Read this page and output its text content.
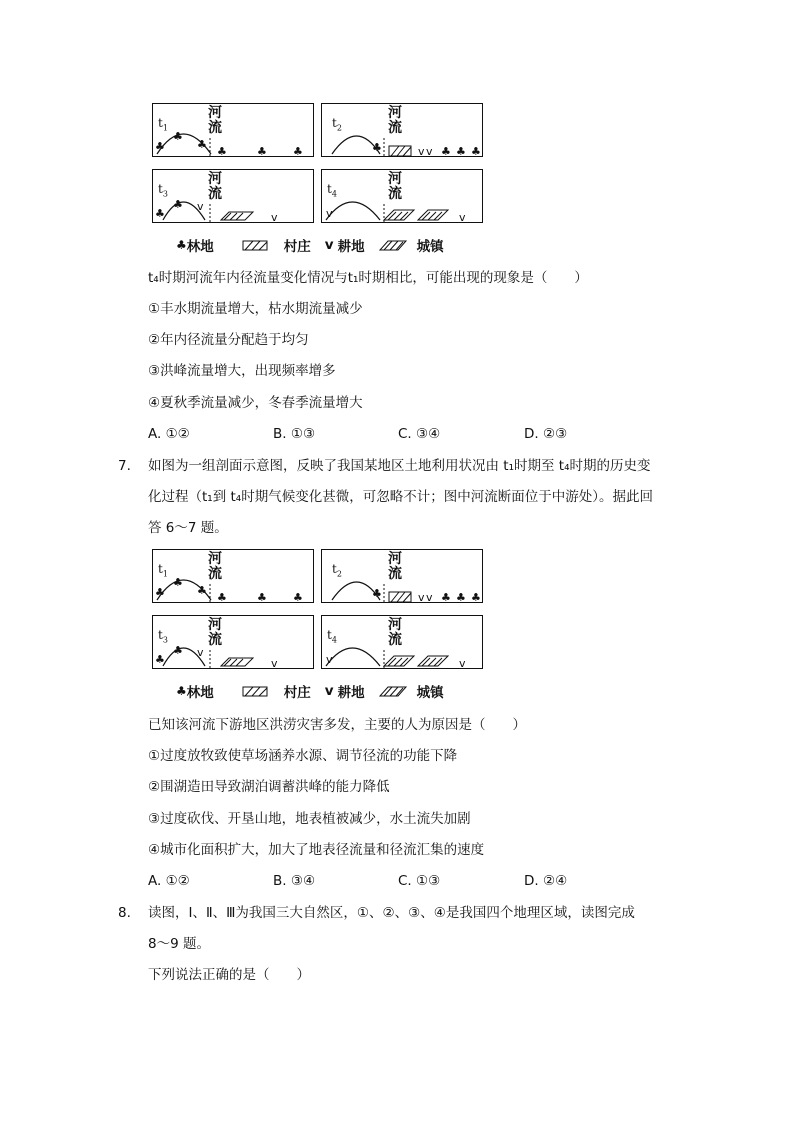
$t_1$
河
流
♣
♣
♣
♣	♣ ♣
$t_2$
河
流
♣	♣ ♣ ♣
v v
$t_3$
河
流
♣
♣ v
v
$t_4$
河
流
v	v
♣ 林地	村庄 v 耕地	城镇
t₄时期河流年内径流量变化情况与t₁时期相比，可能出现的现象是（　　）
①丰水期流量增大，枯水期流量减少
②年内径流量分配趋于均匀
③洪峰流量增大，出现频率增多
④夏秋季流量减少，冬春季流量增大
A. ①②	B. ①③	C. ③④	D. ②③
7. 如图为一组剖面示意图，反映了我国某地区土地利用状况由 t₁时期至 t₄时期的历史变
化过程（t₁到 t₄时期气候变化甚微，可忽略不计；图中河流断面位于中游处）。据此回
答 6～7 题。
$t_1$
河
流
♣
♣
♣
♣	♣ ♣
$t_2$
河
流
♣	♣ ♣ ♣
v v
$t_3$
河
流
♣
♣ v
v
$t_4$
河
流
v	v
♣ 林地	村庄 v 耕地	城镇
已知该河流下游地区洪涝灾害多发，主要的人为原因是（　　）
①过度放牧致使草场涵养水源、调节径流的功能下降
②围湖造田导致湖泊调蓄洪峰的能力降低
③过度砍伐、开垦山地，地表植被减少，水土流失加剧
④城市化面积扩大，加大了地表径流量和径流汇集的速度
A. ①②	B. ③④	C. ①③	D. ②④
8. 读图，Ⅰ、Ⅱ、Ⅲ为我国三大自然区，①、②、③、④是我国四个地理区域，读图完成
8～9 题。
下列说法正确的是（　　）
